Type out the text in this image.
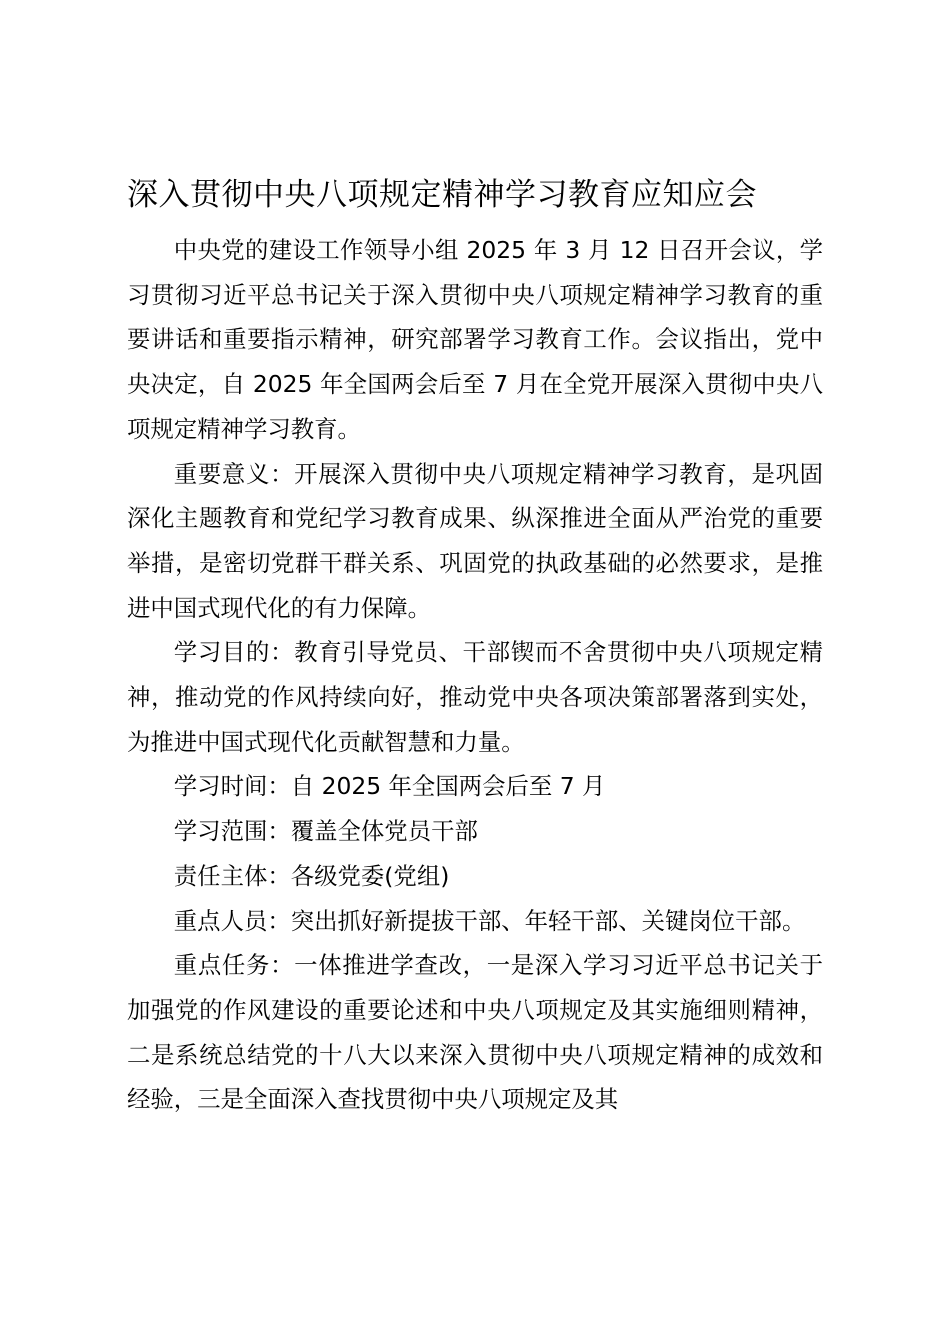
深入贯彻中央八项规定精神学习教育应知应会

中央党的建设工作领导小组 2025 年 3 月 12 日召开会议，学习贯彻习近平总书记关于深入贯彻中央八项规定精神学习教育的重要讲话和重要指示精神，研究部署学习教育工作。会议指出，党中央决定，自 2025 年全国两会后至 7 月在全党开展深入贯彻中央八项规定精神学习教育。

重要意义：开展深入贯彻中央八项规定精神学习教育，是巩固深化主题教育和党纪学习教育成果、纵深推进全面从严治党的重要举措，是密切党群干群关系、巩固党的执政基础的必然要求，是推进中国式现代化的有力保障。

学习目的：教育引导党员、干部锲而不舍贯彻中央八项规定精神，推动党的作风持续向好，推动党中央各项决策部署落到实处，为推进中国式现代化贡献智慧和力量。

学习时间：自 2025 年全国两会后至 7 月

学习范围：覆盖全体党员干部

责任主体：各级党委(党组)

重点人员：突出抓好新提拔干部、年轻干部、关键岗位干部。

重点任务：一体推进学查改，一是深入学习习近平总书记关于加强党的作风建设的重要论述和中央八项规定及其实施细则精神，二是系统总结党的十八大以来深入贯彻中央八项规定精神的成效和经验，三是全面深入查找贯彻中央八项规定及其
